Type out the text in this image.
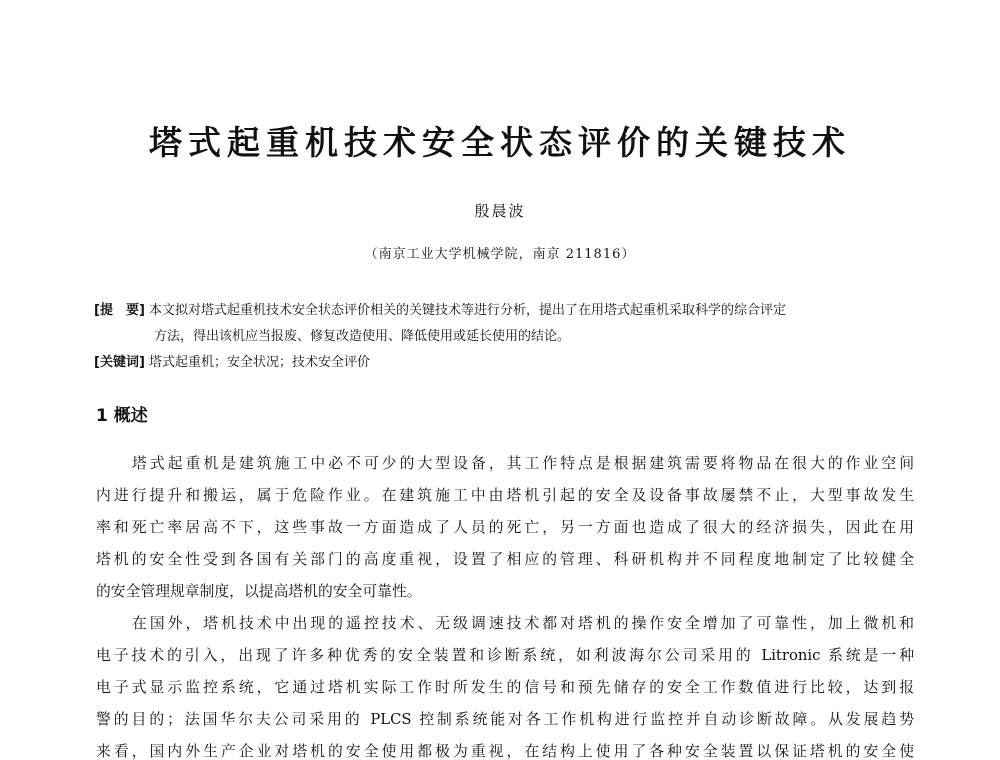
塔式起重机技术安全状态评价的关键技术
殷晨波
（南京工业大学机械学院，南京 211816）
[提　要] 本文拟对塔式起重机技术安全状态评价相关的关键技术等进行分析，提出了在用塔式起重机采取科学的综合评定
方法，得出该机应当报废、修复改造使用、降低使用或延长使用的结论。
[关键词] 塔式起重机；安全状况；技术安全评价
1 概述
塔式起重机是建筑施工中必不可少的大型设备，其工作特点是根据建筑需要将物品在很大的作业空间
内进行提升和搬运，属于危险作业。在建筑施工中由塔机引起的安全及设备事故屡禁不止，大型事故发生
率和死亡率居高不下，这些事故一方面造成了人员的死亡，另一方面也造成了很大的经济损失，因此在用
塔机的安全性受到各国有关部门的高度重视，设置了相应的管理、科研机构并不同程度地制定了比较健全
的安全管理规章制度，以提高塔机的安全可靠性。
在国外，塔机技术中出现的遥控技术、无级调速技术都对塔机的操作安全增加了可靠性，加上微机和
电子技术的引入，出现了许多种优秀的安全装置和诊断系统，如利波海尔公司采用的 Litronic 系统是一种
电子式显示监控系统，它通过塔机实际工作时所发生的信号和预先储存的安全工作数值进行比较，达到报
警的目的；法国华尔夫公司采用的 PLCS 控制系统能对各工作机构进行监控并自动诊断故障。从发展趋势
来看，国内外生产企业对塔机的安全使用都极为重视，在结构上使用了各种安全装置以保证塔机的安全使
